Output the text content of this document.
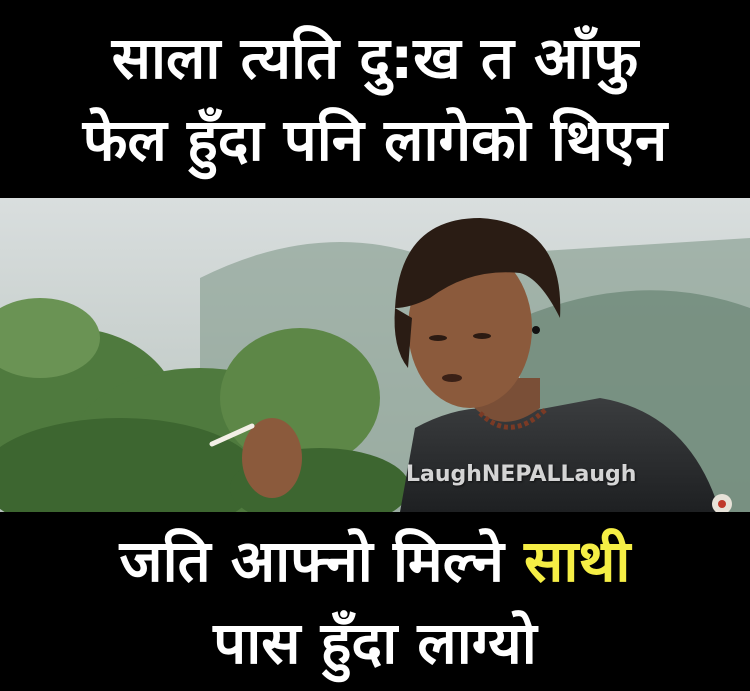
साला त्यति दु:ख त आँफु
फेल हुँदा पनि लागेको थिएन
LaughNEPALLaugh
जति आफ्नो मिल्ने साथी
पास हुँदा लाग्यो
